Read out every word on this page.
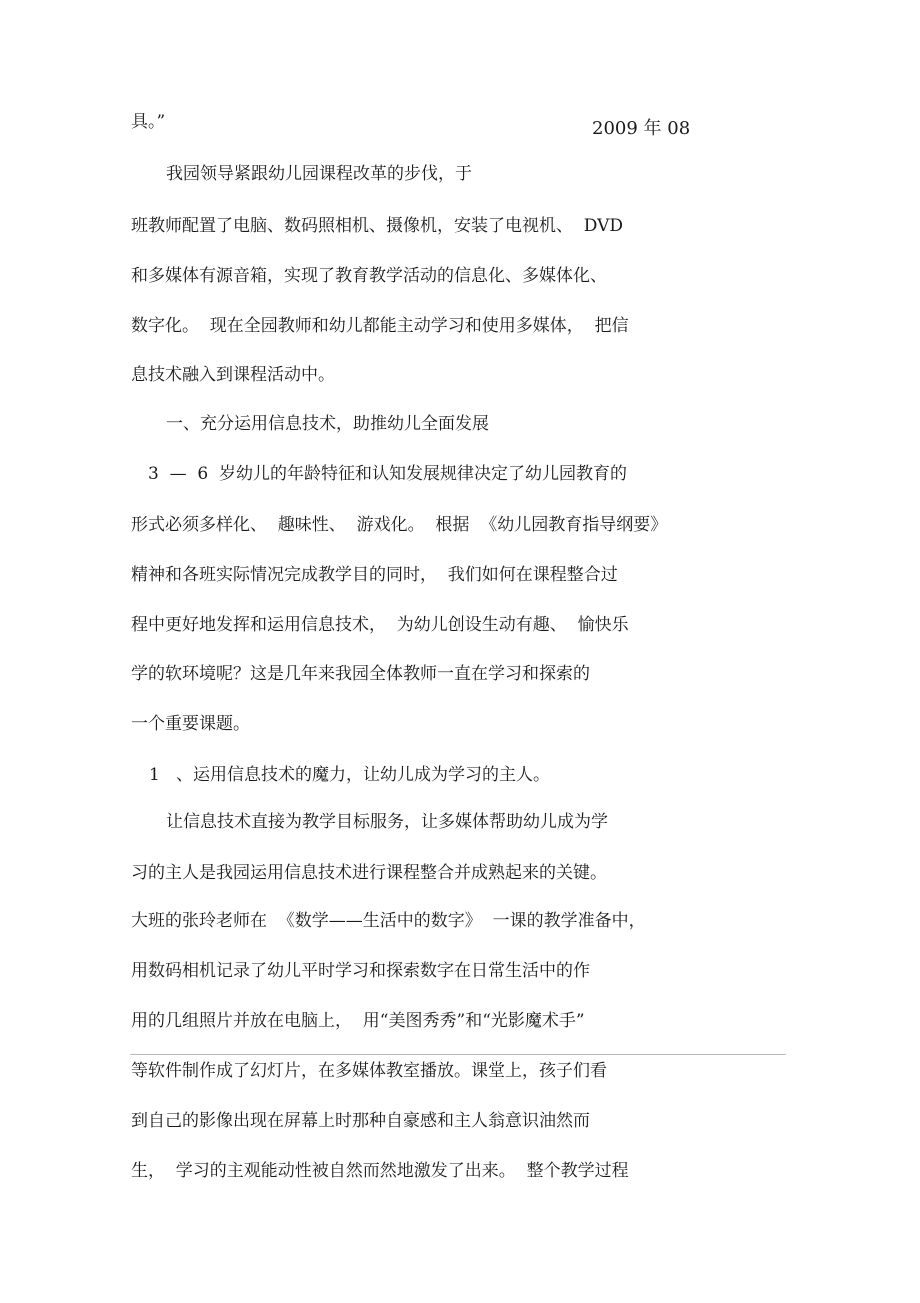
具。”	2009 年 08

我园领导紧跟幼儿园课程改革的步伐，于

班教师配置了电脑、数码照相机、摄像机，安装了电视机、  DVD

和多媒体有源音箱，实现了教育教学活动的信息化、多媒体化、

数字化。  现在全园教师和幼儿都能主动学习和使用多媒体，  把信

息技术融入到课程活动中。

一、充分运用信息技术，助推幼儿全面发展

3  —  6  岁幼儿的年龄特征和认知发展规律决定了幼儿园教育的

形式必须多样化、  趣味性、  游戏化。  根据  《幼儿园教育指导纲要》

精神和各班实际情况完成教学目的同时，  我们如何在课程整合过

程中更好地发挥和运用信息技术，  为幼儿创设生动有趣、  愉快乐

学的软环境呢？这是几年来我园全体教师一直在学习和探索的

一个重要课题。

1   、运用信息技术的魔力，让幼儿成为学习的主人。

让信息技术直接为教学目标服务，让多媒体帮助幼儿成为学

习的主人是我园运用信息技术进行课程整合并成熟起来的关键。

大班的张玲老师在  《数学——生活中的数字》  一课的教学准备中，

用数码相机记录了幼儿平时学习和探索数字在日常生活中的作

用的几组照片并放在电脑上，  用“美图秀秀”和“光影魔术手”

等软件制作成了幻灯片，在多媒体教室播放。课堂上，孩子们看

到自己的影像出现在屏幕上时那种自豪感和主人翁意识油然而

生，  学习的主观能动性被自然而然地激发了出来。  整个教学过程
